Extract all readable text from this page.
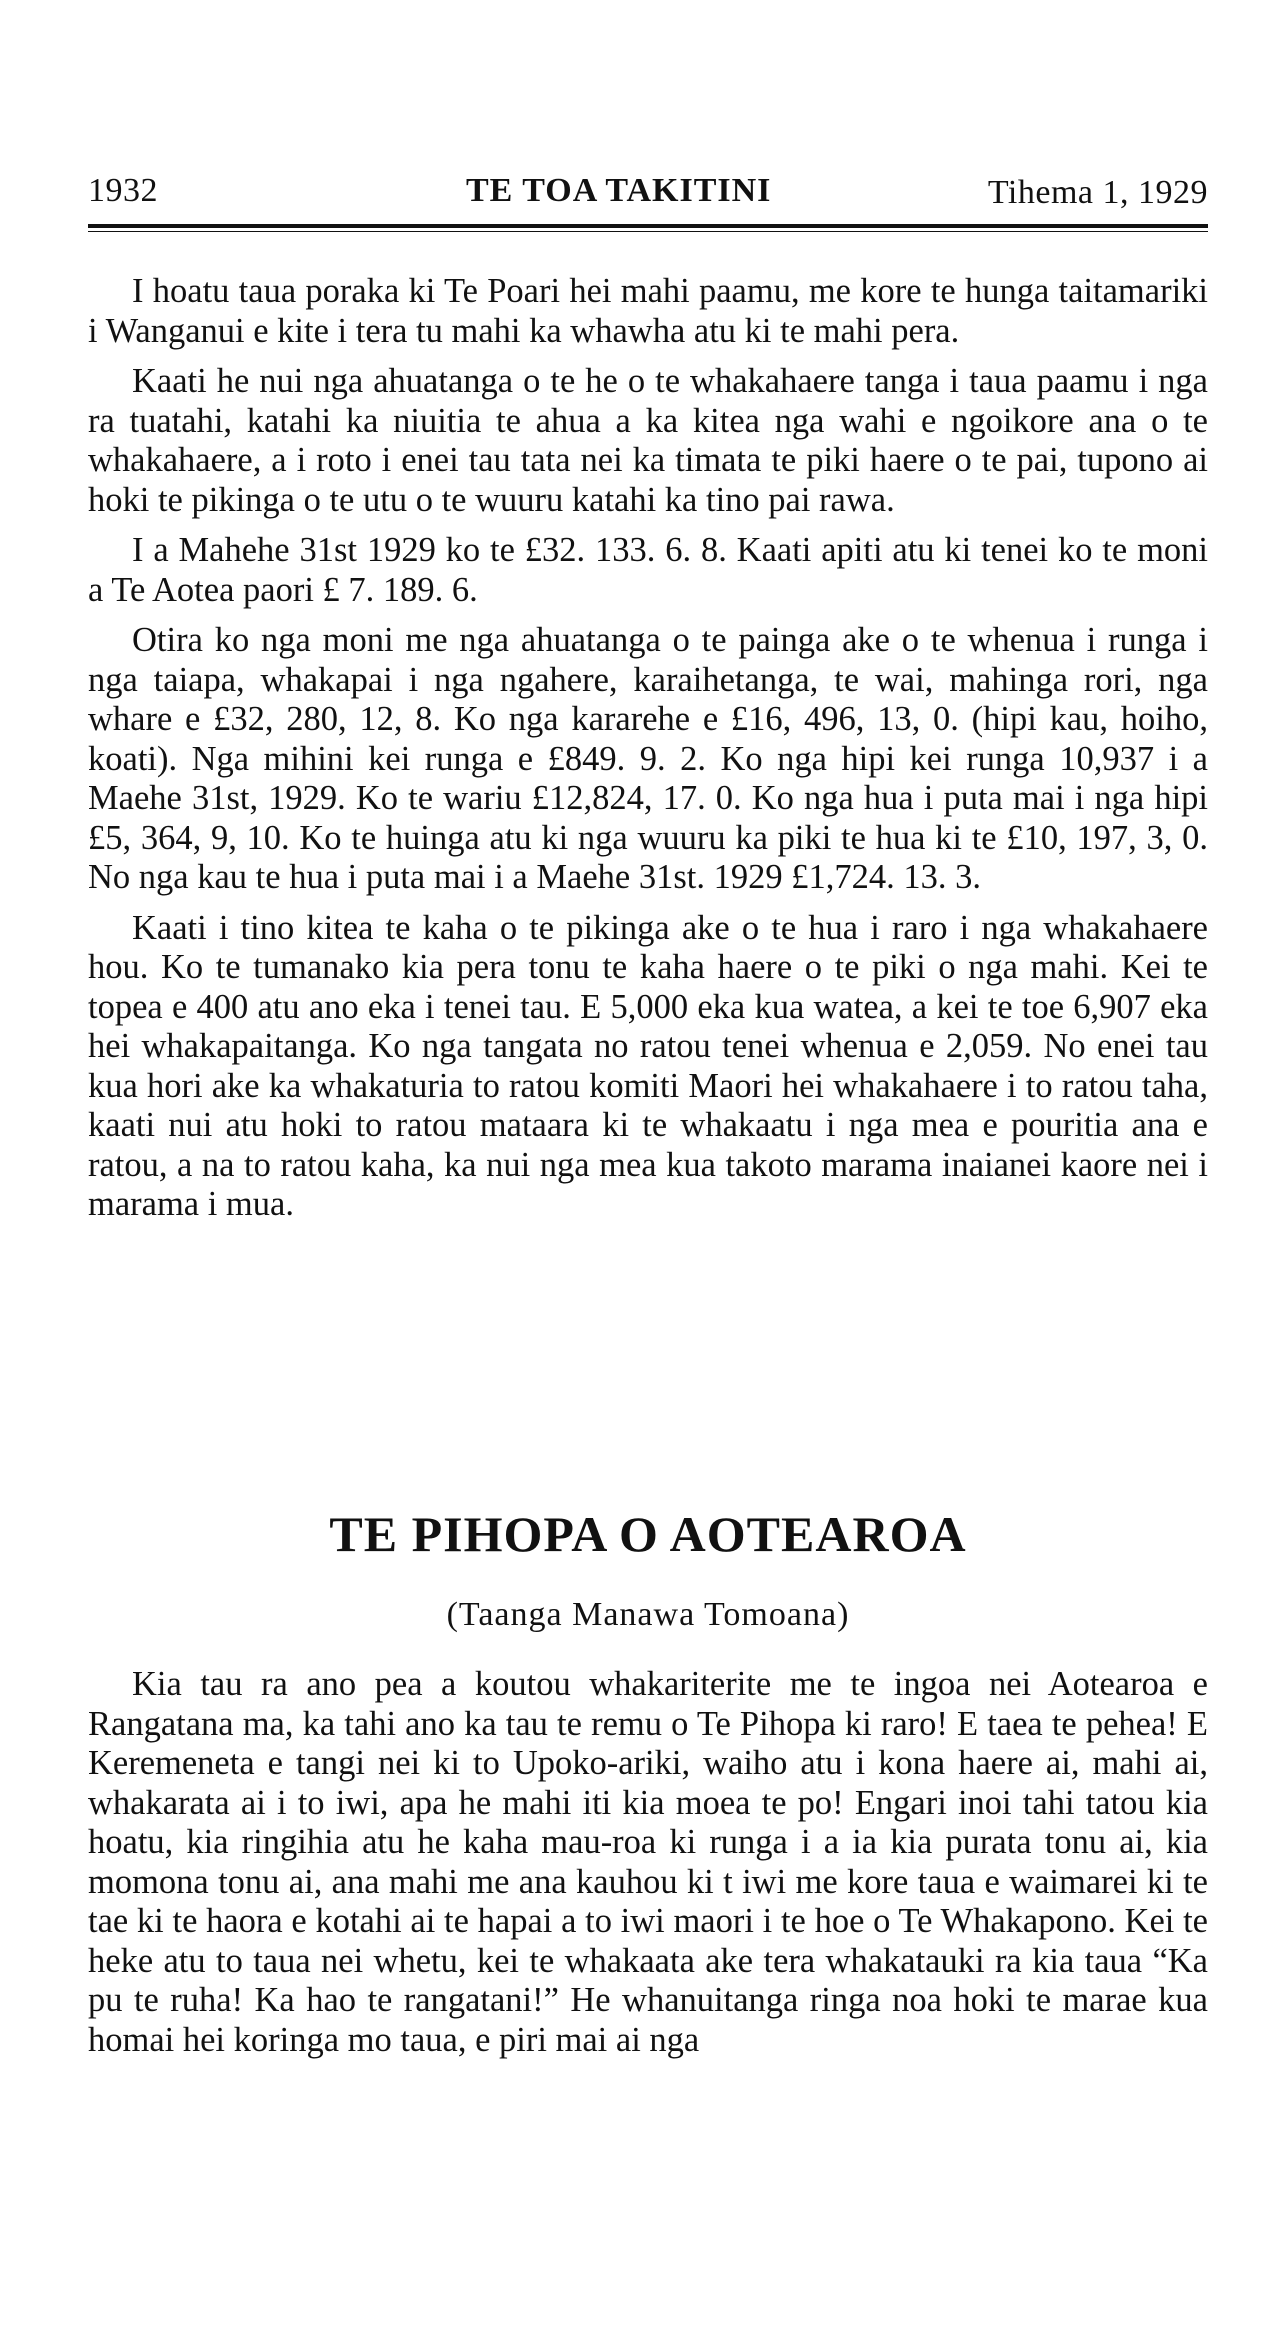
1932	TE TOA TAKITINI	Tihema 1, 1929

I hoatu taua poraka ki Te Poari hei mahi paamu, me kore te hunga taitamariki i Wanganui e kite i tera tu mahi ka whawha atu ki te mahi pera.

Kaati he nui nga ahuatanga o te he o te whakahaere tanga i taua paamu i nga ra tuatahi, katahi ka niuitia te ahua a ka kitea nga wahi e ngoikore ana o te whakahaere, a i roto i enei tau tata nei ka timata te piki haere o te pai, tupono ai hoki te pikinga o te utu o te wuuru katahi ka tino pai rawa.

I a Mahehe 31st 1929 ko te £32. 133. 6. 8. Kaati apiti atu ki tenei ko te moni a Te Aotea paori £ 7. 189. 6.

Otira ko nga moni me nga ahuatanga o te painga ake o te whenua i runga i nga taiapa, whakapai i nga ngahere, karaihetanga, te wai, mahinga rori, nga whare e £32, 280, 12, 8. Ko nga kararehe e £16, 496, 13, 0. (hipi kau, hoiho, koati). Nga mihini kei runga e £849. 9. 2. Ko nga hipi kei runga 10,937 i a Maehe 31st, 1929. Ko te wariu £12,824, 17. 0. Ko nga hua i puta mai i nga hipi £5, 364, 9, 10. Ko te huinga atu ki nga wuuru ka piki te hua ki te £10, 197, 3, 0. No nga kau te hua i puta mai i a Maehe 31st. 1929 £1,724. 13. 3.

Kaati i tino kitea te kaha o te pikinga ake o te hua i raro i nga whakahaere hou. Ko te tumanako kia pera tonu te kaha haere o te piki o nga mahi. Kei te topea e 400 atu ano eka i tenei tau. E 5,000 eka kua watea, a kei te toe 6,907 eka hei whakapaitanga. Ko nga tangata no ratou tenei whenua e 2,059. No enei tau kua hori ake ka whakaturia to ratou komiti Maori hei whakahaere i to ratou taha, kaati nui atu hoki to ratou mataara ki te whakaatu i nga mea e pouritia ana e ratou, a na to ratou kaha, ka nui nga mea kua takoto marama inaianei kaore nei i marama i mua.

TE PIHOPA O AOTEAROA
(Taanga Manawa Tomoana)

Kia tau ra ano pea a koutou whakariterite me te ingoa nei Aotearoa e Rangatana ma, ka tahi ano ka tau te remu o Te Pihopa ki raro! E taea te pehea! E Keremeneta e tangi nei ki to Upoko-ariki, waiho atu i kona haere ai, mahi ai, whakarata ai i to iwi, apa he mahi iti kia moea te po! Engari inoi tahi tatou kia hoatu, kia ringihia atu he kaha mau-roa ki runga i a ia kia purata tonu ai, kia momona tonu ai, ana mahi me ana kauhou ki t iwi me kore taua e waimarei ki te tae ki te haora e kotahi ai te hapai a to iwi maori i te hoe o Te Whakapono. Kei te heke atu to taua nei whetu, kei te whakaata ake tera whakatauki ra kia taua “Ka pu te ruha! Ka hao te rangatani!” He whanuitanga ringa noa hoki te marae kua homai hei koringa mo taua, e piri mai ai nga
